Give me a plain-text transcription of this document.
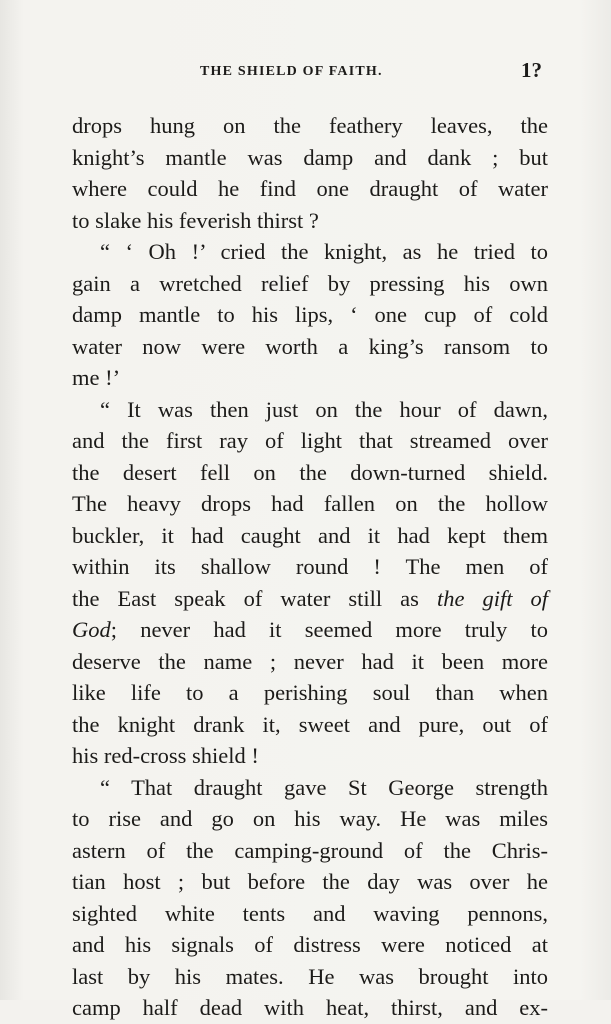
THE SHIELD OF FAITH.	1?
drops hung on the feathery leaves, the
knight’s mantle was damp and dank ; but
where could he find one draught of water
to slake his feverish thirst ?
“ ‘ Oh !’ cried the knight, as he tried to
gain a wretched relief by pressing his own
damp mantle to his lips, ‘ one cup of cold
water now were worth a king’s ransom to
me !’
“ It was then just on the hour of dawn,
and the first ray of light that streamed over
the desert fell on the down-turned shield.
The heavy drops had fallen on the hollow
buckler, it had caught and it had kept them
within its shallow round ! The men of
the East speak of water still as the gift of
God; never had it seemed more truly to
deserve the name ; never had it been more
like life to a perishing soul than when
the knight drank it, sweet and pure, out of
his red-cross shield !
“ That draught gave St George strength
to rise and go on his way. He was miles
astern of the camping-ground of the Chris-
tian host ; but before the day was over he
sighted white tents and waving pennons,
and his signals of distress were noticed at
last by his mates. He was brought into
camp half dead with heat, thirst, and ex-
